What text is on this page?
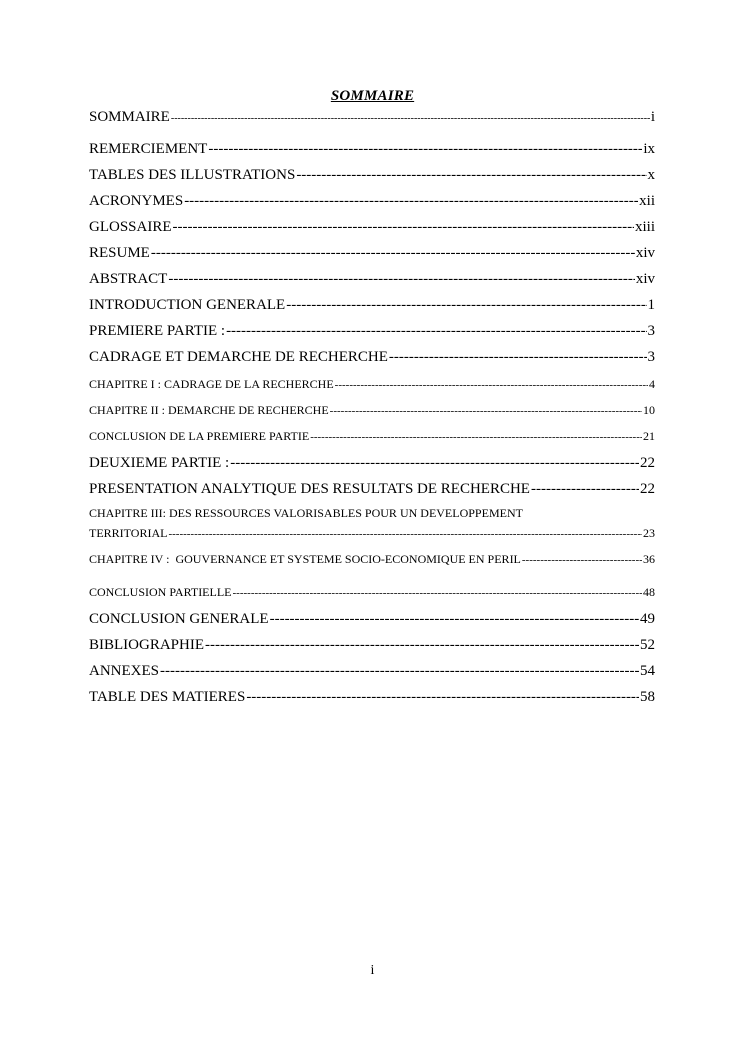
SOMMAIRE
SOMMAIRE -----	i
REMERCIEMENT -----	ix
TABLES DES ILLUSTRATIONS -----	x
ACRONYMES -----	xii
GLOSSAIRE -----	xiii
RESUME -----	xiv
ABSTRACT -----	xiv
INTRODUCTION GENERALE -----	1
PREMIERE PARTIE : -----	3
CADRAGE ET DEMARCHE DE RECHERCHE -----	3
CHAPITRE I : CADRAGE DE LA RECHERCHE -----	4
CHAPITRE II : DEMARCHE DE RECHERCHE -----	10
CONCLUSION DE LA PREMIERE PARTIE -----	21
DEUXIEME PARTIE : -----	22
PRESENTATION ANALYTIQUE DES RESULTATS DE RECHERCHE -----	22
CHAPITRE III: DES RESSOURCES VALORISABLES POUR UN DEVELOPPEMENT
TERRITORIAL -----	23
CHAPITRE IV :  GOUVERNANCE ET SYSTEME SOCIO-ECONOMIQUE EN PERIL -----	36
CONCLUSION PARTIELLE -----	48
CONCLUSION GENERALE -----	49
BIBLIOGRAPHIE -----	52
ANNEXES -----	54
TABLE DES MATIERES -----	58
i
